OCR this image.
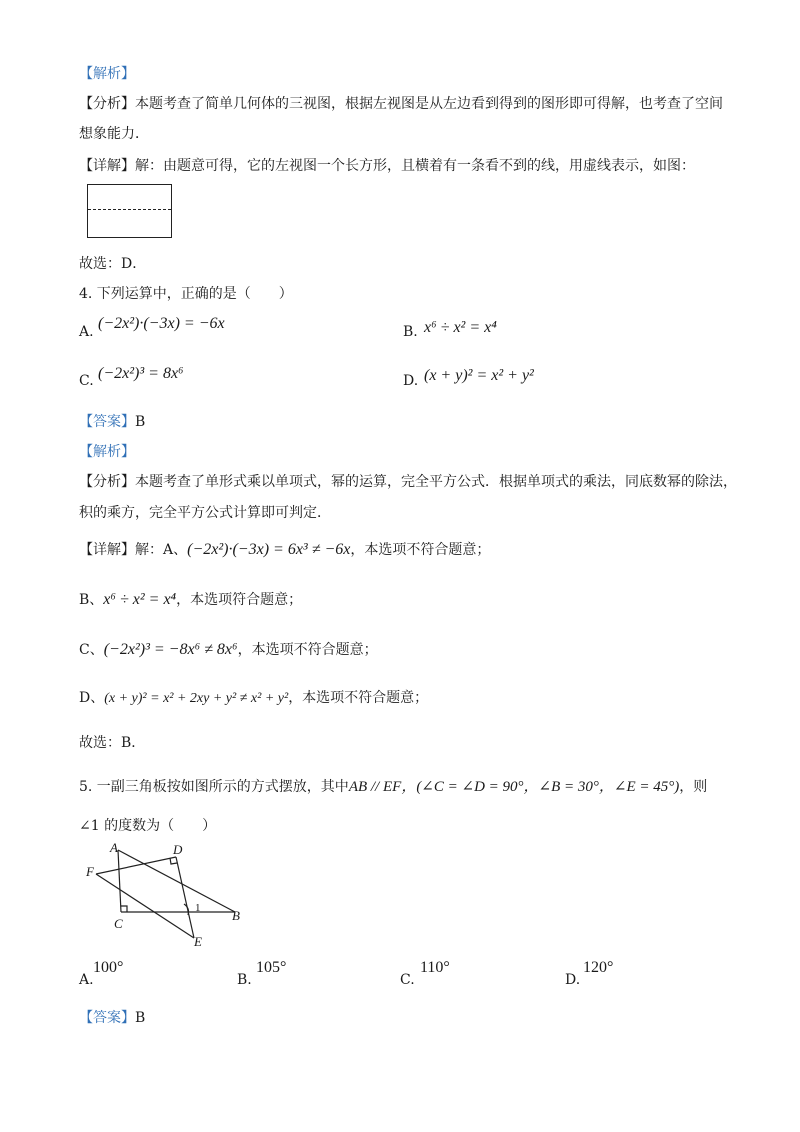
【解析】
【分析】本题考查了简单几何体的三视图，根据左视图是从左边看到得到的图形即可得解，也考查了空间
想象能力．
【详解】解：由题意可得，它的左视图一个长方形，且横着有一条看不到的线，用虚线表示，如图：
故选：D．
4. 下列运算中，正确的是（　　）
A. (−2x²)·(−3x) = −6x	B. x⁶ ÷ x² = x⁴
C. (−2x²)³ = 8x⁶	D. (x + y)² = x² + y²
【答案】B
【解析】
【分析】本题考查了单形式乘以单项式，幂的运算，完全平方公式．根据单项式的乘法，同底数幂的除法，
积的乘方，完全平方公式计算即可判定．
【详解】解：A、(−2x²)·(−3x) = 6x³ ≠ −6x，本选项不符合题意；
B、x⁶ ÷ x² = x⁴，本选项符合题意；
C、(−2x²)³ = −8x⁶ ≠ 8x⁶，本选项不符合题意；
D、(x + y)² = x² + 2xy + y² ≠ x² + y²，本选项不符合题意；
故选：B．
5. 一副三角板按如图所示的方式摆放，其中AB // EF，(∠C = ∠D = 90°，∠B = 30°，∠E = 45°)，则
∠1 的度数为（　　）
A	D
F
C
B
E
1
A.
100°
B.
105°
C.
110°
D.
120°
【答案】B
